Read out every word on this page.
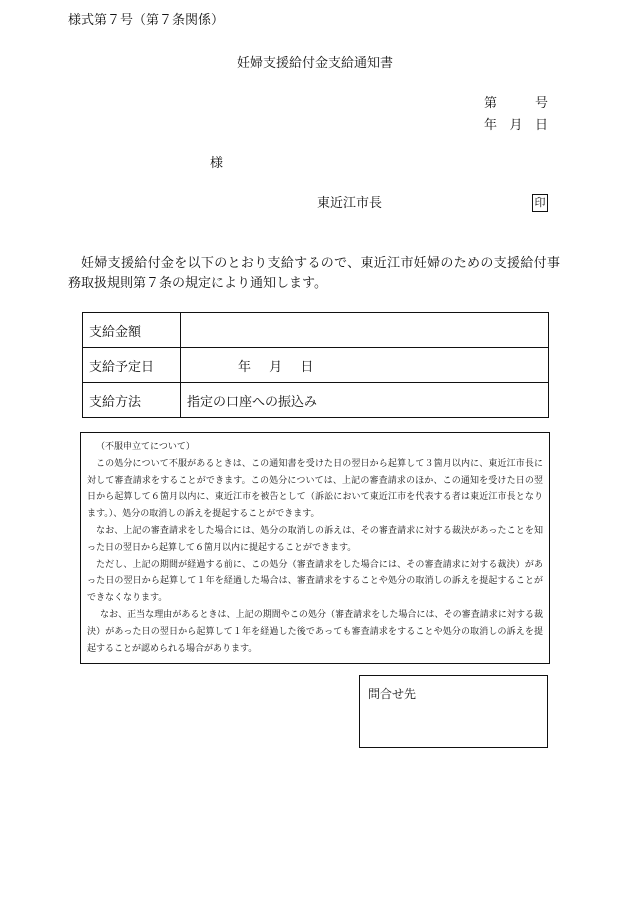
様式第７号（第７条関係）
妊婦支援給付金支給通知書
第	号
年 月 日
様
東近江市長	印

妊婦支援給付金を以下のとおり支給するので、東近江市妊婦のための支援給付事務取扱規則第７条の規定により通知します。

支給金額	
支給予定日	年 月 日
支給方法	指定の口座への振込み

（不服申立てについて）

この処分について不服があるときは、この通知書を受けた日の翌日から起算して３箇月以内に、東近江市長に対して審査請求をすることができます。この処分については、上記の審査請求のほか、この通知を受けた日の翌日から起算して６箇月以内に、東近江市を被告として（訴訟において東近江市を代表する者は東近江市長となります。）、処分の取消しの訴えを提起することができます。

なお、上記の審査請求をした場合には、処分の取消しの訴えは、その審査請求に対する裁決があったことを知った日の翌日から起算して６箇月以内に提起することができます。

ただし、上記の期間が経過する前に、この処分（審査請求をした場合には、その審査請求に対する裁決）があった日の翌日から起算して１年を経過した場合は、審査請求をすることや処分の取消しの訴えを提起することができなくなります。

なお、正当な理由があるときは、上記の期間やこの処分（審査請求をした場合には、その審査請求に対する裁決）があった日の翌日から起算して１年を経過した後であっても審査請求をすることや処分の取消しの訴えを提起することが認められる場合があります。

問合せ先
